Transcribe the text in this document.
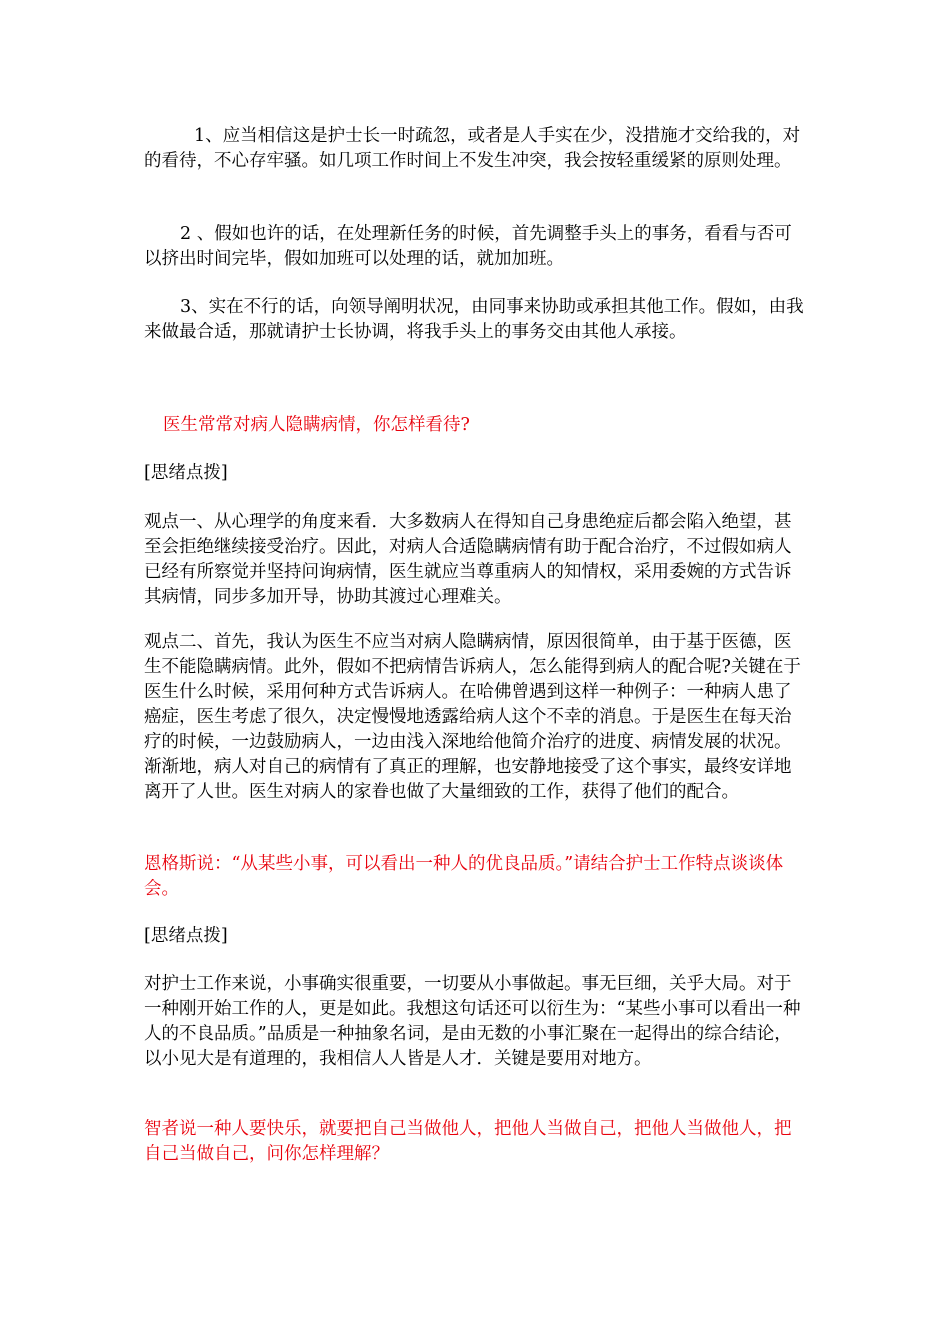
1、应当相信这是护士长一时疏忽，或者是人手实在少，没措施才交给我的，对的看待，不心存牢骚。如几项工作时间上不发生冲突，我会按轻重缓紧的原则处理。

2 、假如也许的话，在处理新任务的时候，首先调整手头上的事务，看看与否可以挤出时间完毕，假如加班可以处理的话，就加加班。

3、实在不行的话，向领导阐明状况，由同事来协助或承担其他工作。假如，由我来做最合适，那就请护士长协调，将我手头上的事务交由其他人承接。

医生常常对病人隐瞒病情，你怎样看待?

[思绪点拨]

观点一、从心理学的角度来看．大多数病人在得知自己身患绝症后都会陷入绝望，甚至会拒绝继续接受治疗。因此，对病人合适隐瞒病情有助于配合治疗，不过假如病人已经有所察觉并坚持问询病情，医生就应当尊重病人的知情权，采用委婉的方式告诉其病情，同步多加开导，协助其渡过心理难关。

观点二、首先，我认为医生不应当对病人隐瞒病情，原因很简单，由于基于医德，医生不能隐瞒病情。此外，假如不把病情告诉病人，怎么能得到病人的配合呢?关键在于医生什么时候，采用何种方式告诉病人。在哈佛曾遇到这样一种例子：一种病人患了癌症，医生考虑了很久，决定慢慢地透露给病人这个不幸的消息。于是医生在每天治疗的时候，一边鼓励病人，一边由浅入深地给他简介治疗的进度、病情发展的状况。渐渐地，病人对自己的病情有了真正的理解，也安静地接受了这个事实，最终安详地离开了人世。医生对病人的家眷也做了大量细致的工作，获得了他们的配合。

恩格斯说：“从某些小事，可以看出一种人的优良品质。”请结合护士工作特点谈谈体会。

[思绪点拨]

对护士工作来说，小事确实很重要，一切要从小事做起。事无巨细，关乎大局。对于一种刚开始工作的人，更是如此。我想这句话还可以衍生为：“某些小事可以看出一种人的不良品质。”品质是一种抽象名词，是由无数的小事汇聚在一起得出的综合结论，以小见大是有道理的，我相信人人皆是人才．关键是要用对地方。

智者说一种人要快乐，就要把自己当做他人，把他人当做自己，把他人当做他人，把自己当做自己，问你怎样理解？
